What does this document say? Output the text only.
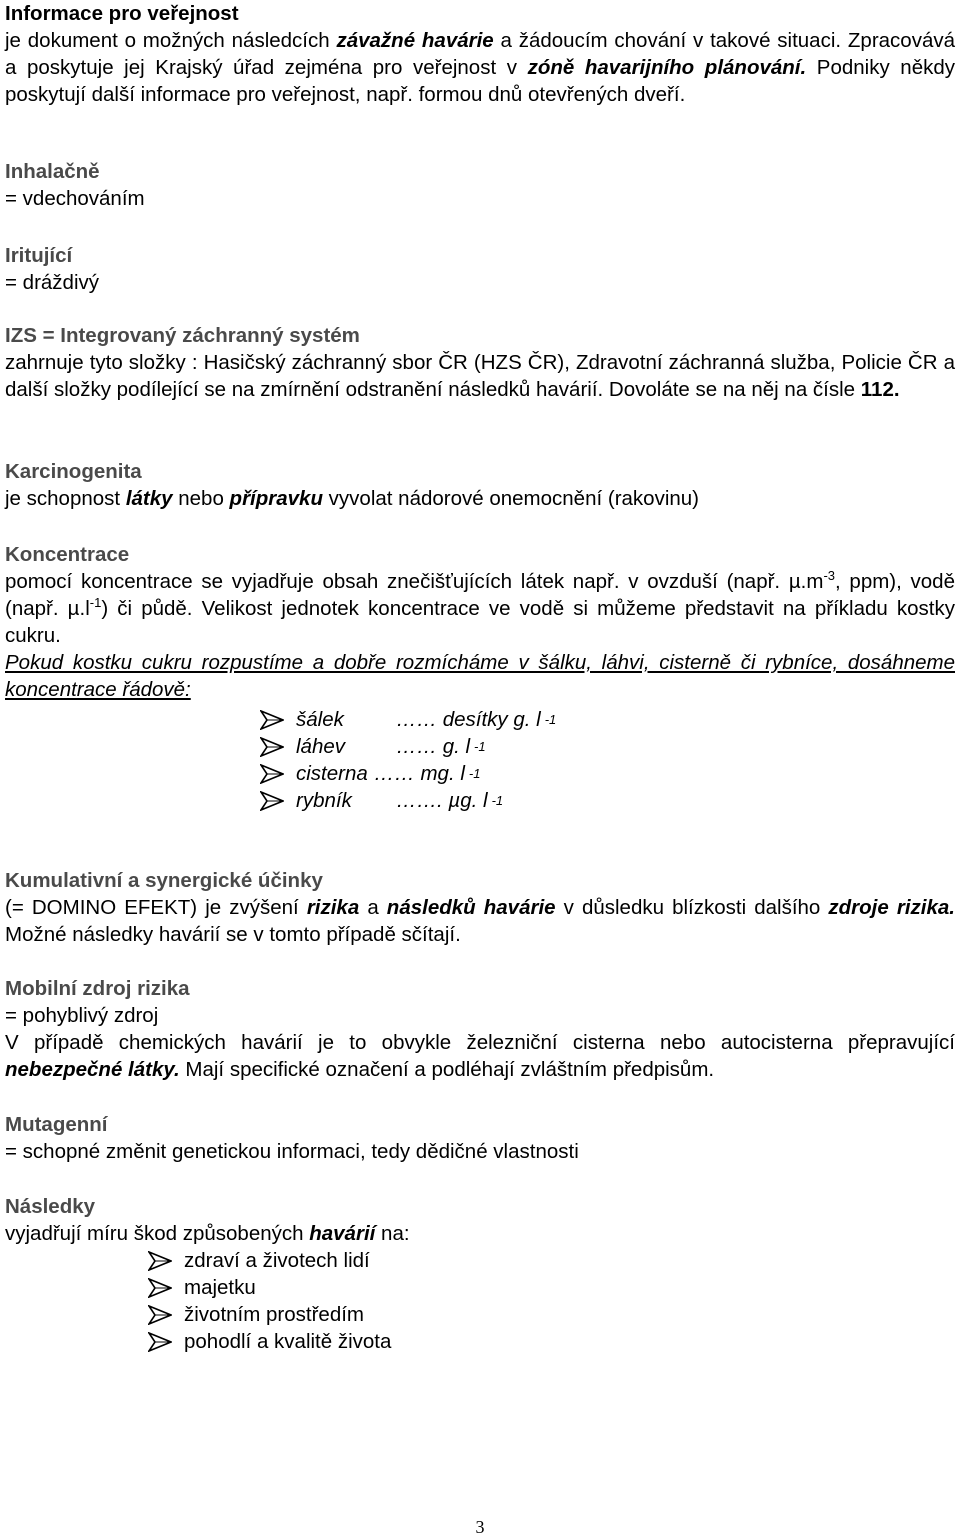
Informace pro veřejnost
je dokument o možných následcích závažné havárie a žádoucím chování v takové situaci. Zpracovává a poskytuje jej Krajský úřad zejména pro veřejnost v zóně havarijního plánování. Podniky někdy poskytují další informace pro veřejnost, např. formou dnů otevřených dveří.
Inhalačně
= vdechováním
Iritující
= dráždivý
IZS = Integrovaný záchranný systém
zahrnuje tyto složky : Hasičský záchranný sbor ČR (HZS ČR), Zdravotní záchranná služba, Policie ČR a další složky podílející se na zmírnění odstranění následků havárií. Dovoláte se na něj na čísle 112.
Karcinogenita
je schopnost látky nebo přípravku vyvolat nádorové onemocnění (rakovinu)
Koncentrace
pomocí koncentrace se vyjadřuje obsah znečišťujících látek např. v ovzduší (např. $\mu.m^{-3}$, ppm), vodě (např. $\mu.l^{-1}$) či půdě. Velikost jednotek koncentrace ve vodě si můžeme představit na příkladu kostky cukru.
Pokud kostku cukru rozpustíme a dobře rozmícháme v šálku, láhvi, cisterně či rybníce, dosáhneme koncentrace řádově:
šálek	…… desítky g. l -1
láhev	…… g. l -1
cisterna …… mg. l -1
rybník	……. µg. l -1
Kumulativní a synergické účinky
(= DOMINO EFEKT) je zvýšení rizika a následků havárie v důsledku blízkosti dalšího zdroje rizika. Možné následky havárií se v tomto případě sčítají.
Mobilní zdroj rizika
= pohyblivý zdroj
V případě chemických havárií je to obvykle železniční cisterna nebo autocisterna přepravující nebezpečné látky. Mají specifické označení a podléhají zvláštním předpisům.
Mutagenní
= schopné změnit genetickou informaci, tedy dědičné vlastnosti
Následky
vyjadřují míru škod způsobených havárií na:
zdraví a životech lidí
majetku
životním prostředím
pohodlí a kvalitě života
3
